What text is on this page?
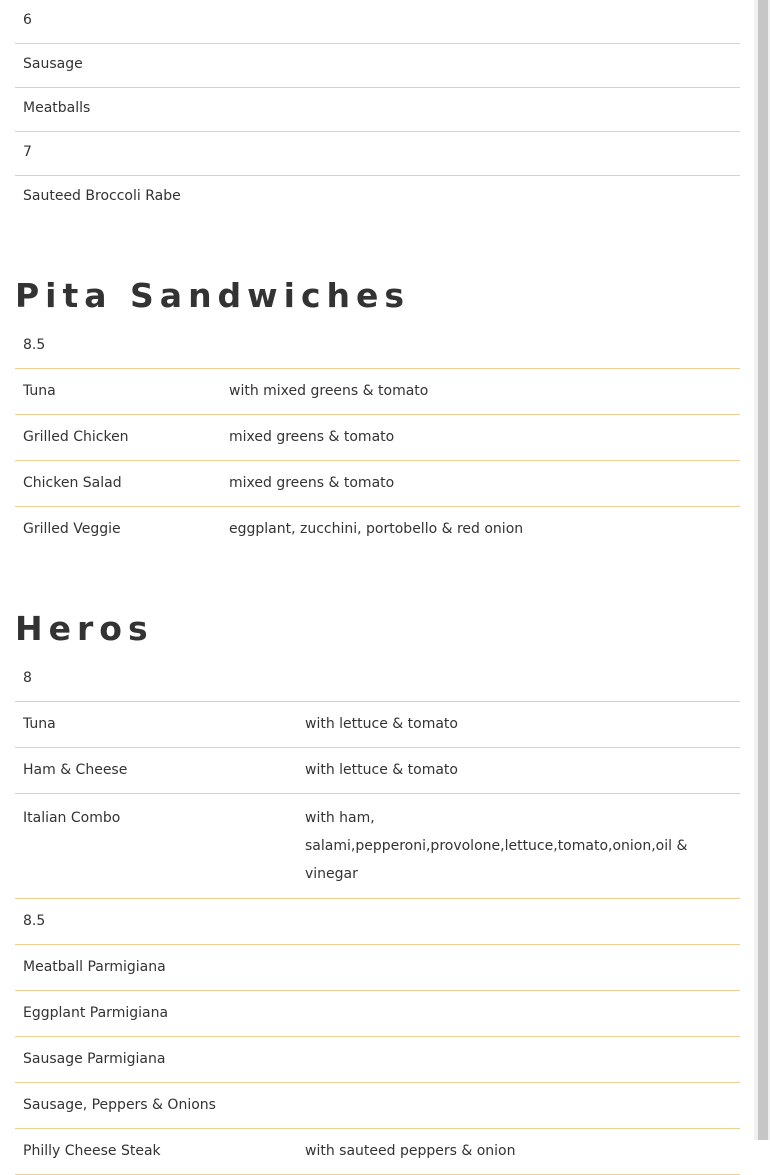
6
Sausage
Meatballs
7
Sauteed Broccoli Rabe
Pita Sandwiches
8.5	
Tuna	with mixed greens & tomato
Grilled Chicken	mixed greens & tomato
Chicken Salad	mixed greens & tomato
Grilled Veggie	eggplant, zucchini, portobello & red onion
Heros
8	
Tuna	with lettuce & tomato
Ham & Cheese	with lettuce & tomato
Italian Combo	with ham, salami,pepperoni,provolone,lettuce,tomato,onion,oil & vinegar
8.5	
Meatball Parmigiana	
Eggplant Parmigiana	
Sausage Parmigiana	
Sausage, Peppers & Onions	
Philly Cheese Steak	with sauteed peppers & onion
